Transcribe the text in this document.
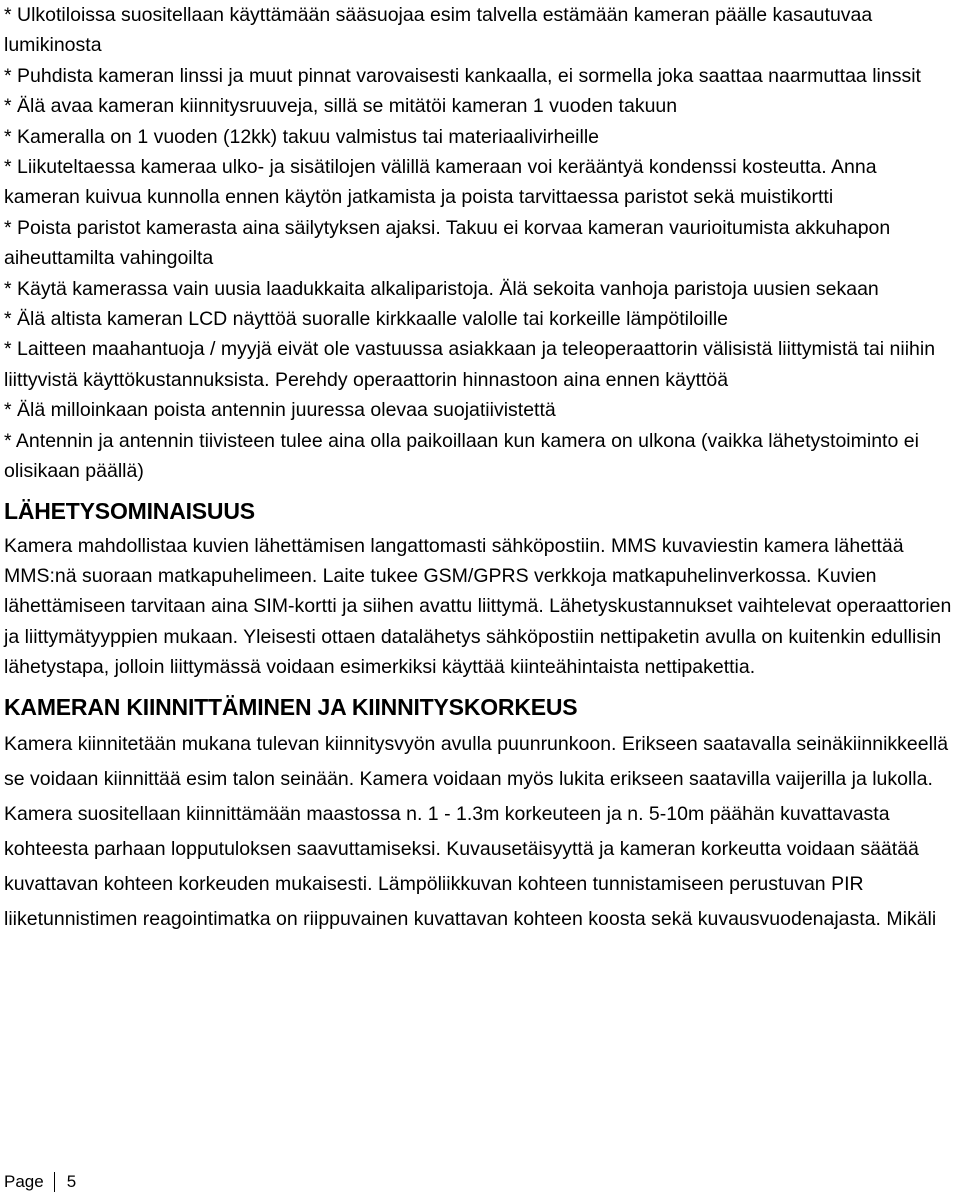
* Ulkotiloissa suositellaan käyttämään sääsuojaa esim talvella estämään kameran päälle kasautuvaa lumikinosta

* Puhdista kameran linssi ja muut pinnat varovaisesti kankaalla, ei sormella joka saattaa naarmuttaa linssit

* Älä avaa kameran kiinnitysruuveja, sillä se mitätöi kameran 1 vuoden takuun

* Kameralla on 1 vuoden (12kk) takuu valmistus tai materiaalivirheille

* Liikuteltaessa kameraa ulko- ja sisätilojen välillä kameraan voi kerääntyä kondenssi kosteutta. Anna kameran kuivua kunnolla ennen käytön jatkamista ja poista tarvittaessa paristot sekä muistikortti

* Poista paristot kamerasta aina säilytyksen ajaksi. Takuu ei korvaa kameran vaurioitumista akkuhapon aiheuttamilta vahingoilta

* Käytä kamerassa vain uusia laadukkaita alkaliparistoja. Älä sekoita vanhoja paristoja uusien sekaan

* Älä altista kameran LCD näyttöä suoralle kirkkaalle valolle tai korkeille lämpötiloille

* Laitteen maahantuoja / myyjä eivät ole vastuussa asiakkaan ja teleoperaattorin välisistä liittymistä tai niihin liittyvistä käyttökustannuksista. Perehdy operaattorin hinnastoon aina ennen käyttöä

* Älä milloinkaan poista antennin juuressa olevaa suojatiivistettä

* Antennin ja antennin tiivisteen tulee aina olla paikoillaan kun kamera on ulkona (vaikka lähetystoiminto ei olisikaan päällä)

LÄHETYSOMINAISUUS

Kamera mahdollistaa kuvien lähettämisen langattomasti sähköpostiin. MMS kuvaviestin kamera lähettää MMS:nä suoraan matkapuhelimeen. Laite tukee GSM/GPRS verkkoja matkapuhelinverkossa. Kuvien lähettämiseen tarvitaan aina SIM-kortti ja siihen avattu liittymä. Lähetyskustannukset vaihtelevat operaattorien ja liittymätyyppien mukaan. Yleisesti ottaen datalähetys sähköpostiin nettipaketin avulla on kuitenkin edullisin lähetystapa, jolloin liittymässä voidaan esimerkiksi käyttää kiinteähintaista nettipakettia.

KAMERAN KIINNITTÄMINEN JA KIINNITYSKORKEUS

Kamera kiinnitetään mukana tulevan kiinnitysvyön avulla puunrunkoon. Erikseen saatavalla seinäkiinnikkeellä se voidaan kiinnittää esim talon seinään. Kamera voidaan myös lukita erikseen saatavilla vaijerilla ja lukolla. Kamera suositellaan kiinnittämään maastossa n. 1 - 1.3m korkeuteen ja n. 5-10m päähän kuvattavasta kohteesta parhaan lopputuloksen saavuttamiseksi. Kuvausetäisyyttä ja kameran korkeutta voidaan säätää kuvattavan kohteen korkeuden mukaisesti. Lämpöliikkuvan kohteen tunnistamiseen perustuvan PIR liiketunnistimen reagointimatka on riippuvainen kuvattavan kohteen koosta sekä kuvausvuodenajasta. Mikäli

Page 5
